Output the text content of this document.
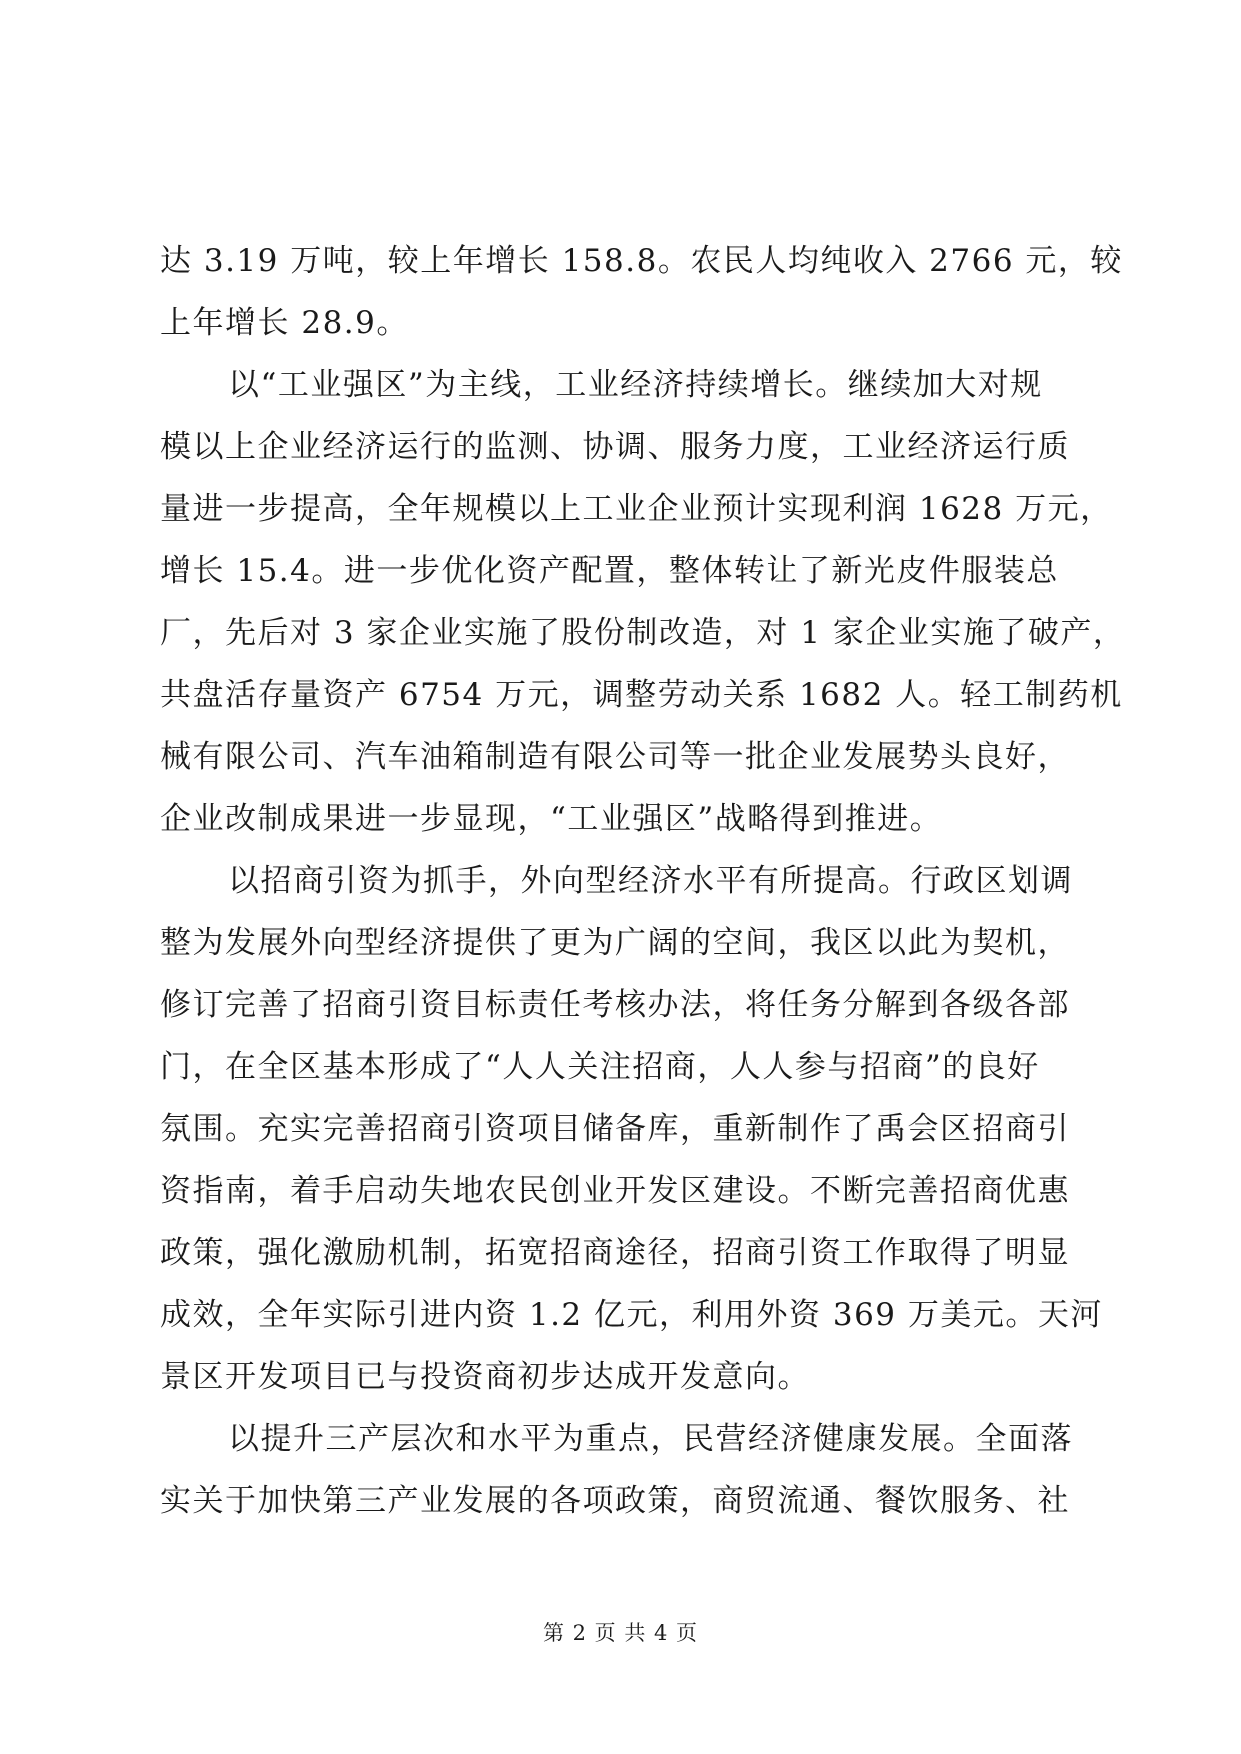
达 3.19 万吨，较上年增长 158.8。农民人均纯收入 2766 元，较
上年增长 28.9。
以“工业强区”为主线，工业经济持续增长。继续加大对规
模以上企业经济运行的监测、协调、服务力度，工业经济运行质
量进一步提高，全年规模以上工业企业预计实现利润 1628 万元，
增长 15.4。进一步优化资产配置，整体转让了新光皮件服装总
厂，先后对 3 家企业实施了股份制改造，对 1 家企业实施了破产，
共盘活存量资产 6754 万元，调整劳动关系 1682 人。轻工制药机
械有限公司、汽车油箱制造有限公司等一批企业发展势头良好，
企业改制成果进一步显现，“工业强区”战略得到推进。
以招商引资为抓手，外向型经济水平有所提高。行政区划调
整为发展外向型经济提供了更为广阔的空间，我区以此为契机，
修订完善了招商引资目标责任考核办法，将任务分解到各级各部
门，在全区基本形成了“人人关注招商，人人参与招商”的良好
氛围。充实完善招商引资项目储备库，重新制作了禹会区招商引
资指南，着手启动失地农民创业开发区建设。不断完善招商优惠
政策，强化激励机制，拓宽招商途径，招商引资工作取得了明显
成效，全年实际引进内资 1.2 亿元，利用外资 369 万美元。天河
景区开发项目已与投资商初步达成开发意向。
以提升三产层次和水平为重点，民营经济健康发展。全面落
实关于加快第三产业发展的各项政策，商贸流通、餐饮服务、社
第 2 页 共 4 页
